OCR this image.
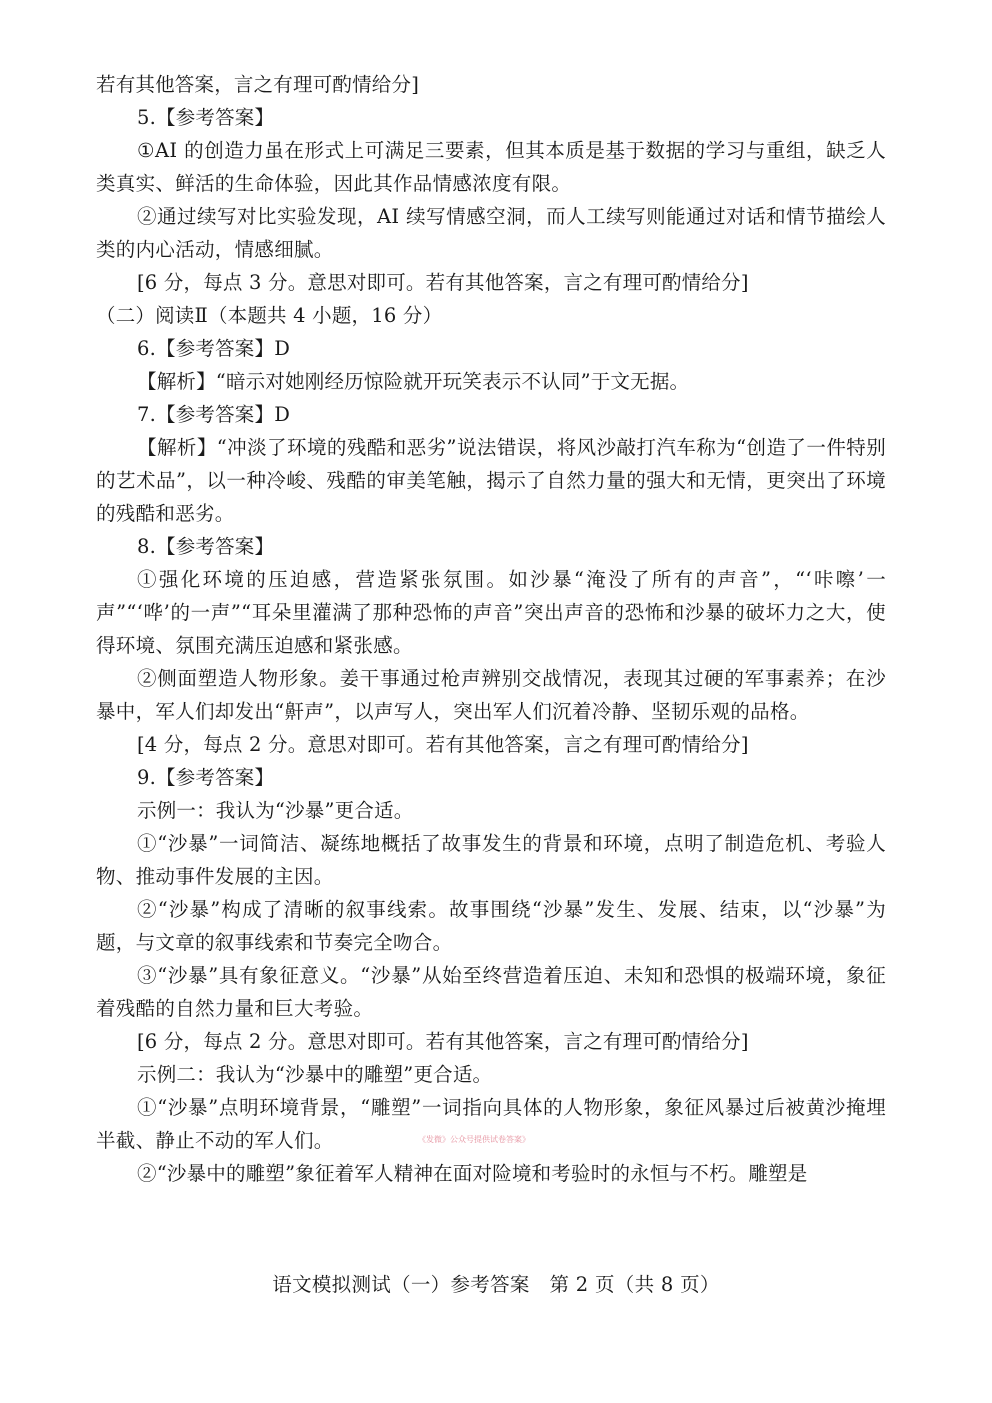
若有其他答案，言之有理可酌情给分]
5.【参考答案】
①AI 的创造力虽在形式上可满足三要素，但其本质是基于数据的学习与重组，缺乏人类真实、鲜活的生命体验，因此其作品情感浓度有限。
②通过续写对比实验发现，AI 续写情感空洞，而人工续写则能通过对话和情节描绘人类的内心活动，情感细腻。
[6 分，每点 3 分。意思对即可。若有其他答案，言之有理可酌情给分]
（二）阅读Ⅱ（本题共 4 小题，16 分）
6.【参考答案】D
【解析】“暗示对她刚经历惊险就开玩笑表示不认同”于文无据。
7.【参考答案】D
【解析】“冲淡了环境的残酷和恶劣”说法错误，将风沙敲打汽车称为“创造了一件特别的艺术品”，以一种冷峻、残酷的审美笔触，揭示了自然力量的强大和无情，更突出了环境的残酷和恶劣。
8.【参考答案】
①强化环境的压迫感，营造紧张氛围。如沙暴“淹没了所有的声音”，“‘咔嚓’一声”“‘哗’的一声”“耳朵里灌满了那种恐怖的声音”突出声音的恐怖和沙暴的破坏力之大，使得环境、氛围充满压迫感和紧张感。
②侧面塑造人物形象。姜干事通过枪声辨别交战情况，表现其过硬的军事素养；在沙暴中，军人们却发出“鼾声”，以声写人，突出军人们沉着冷静、坚韧乐观的品格。
[4 分，每点 2 分。意思对即可。若有其他答案，言之有理可酌情给分]
9.【参考答案】
示例一：我认为“沙暴”更合适。
①“沙暴”一词简洁、凝练地概括了故事发生的背景和环境，点明了制造危机、考验人物、推动事件发展的主因。
②“沙暴”构成了清晰的叙事线索。故事围绕“沙暴”发生、发展、结束，以“沙暴”为题，与文章的叙事线索和节奏完全吻合。
③“沙暴”具有象征意义。“沙暴”从始至终营造着压迫、未知和恐惧的极端环境，象征着残酷的自然力量和巨大考验。
[6 分，每点 2 分。意思对即可。若有其他答案，言之有理可酌情给分]
示例二：我认为“沙暴中的雕塑”更合适。
①“沙暴”点明环境背景，“雕塑”一词指向具体的人物形象，象征风暴过后被黄沙掩埋半截、静止不动的军人们。
②“沙暴中的雕塑”象征着军人精神在面对险境和考验时的永恒与不朽。雕塑是
《发微》公众号提供试卷答案》
语文模拟测试（一）参考答案　第 2 页（共 8 页）
